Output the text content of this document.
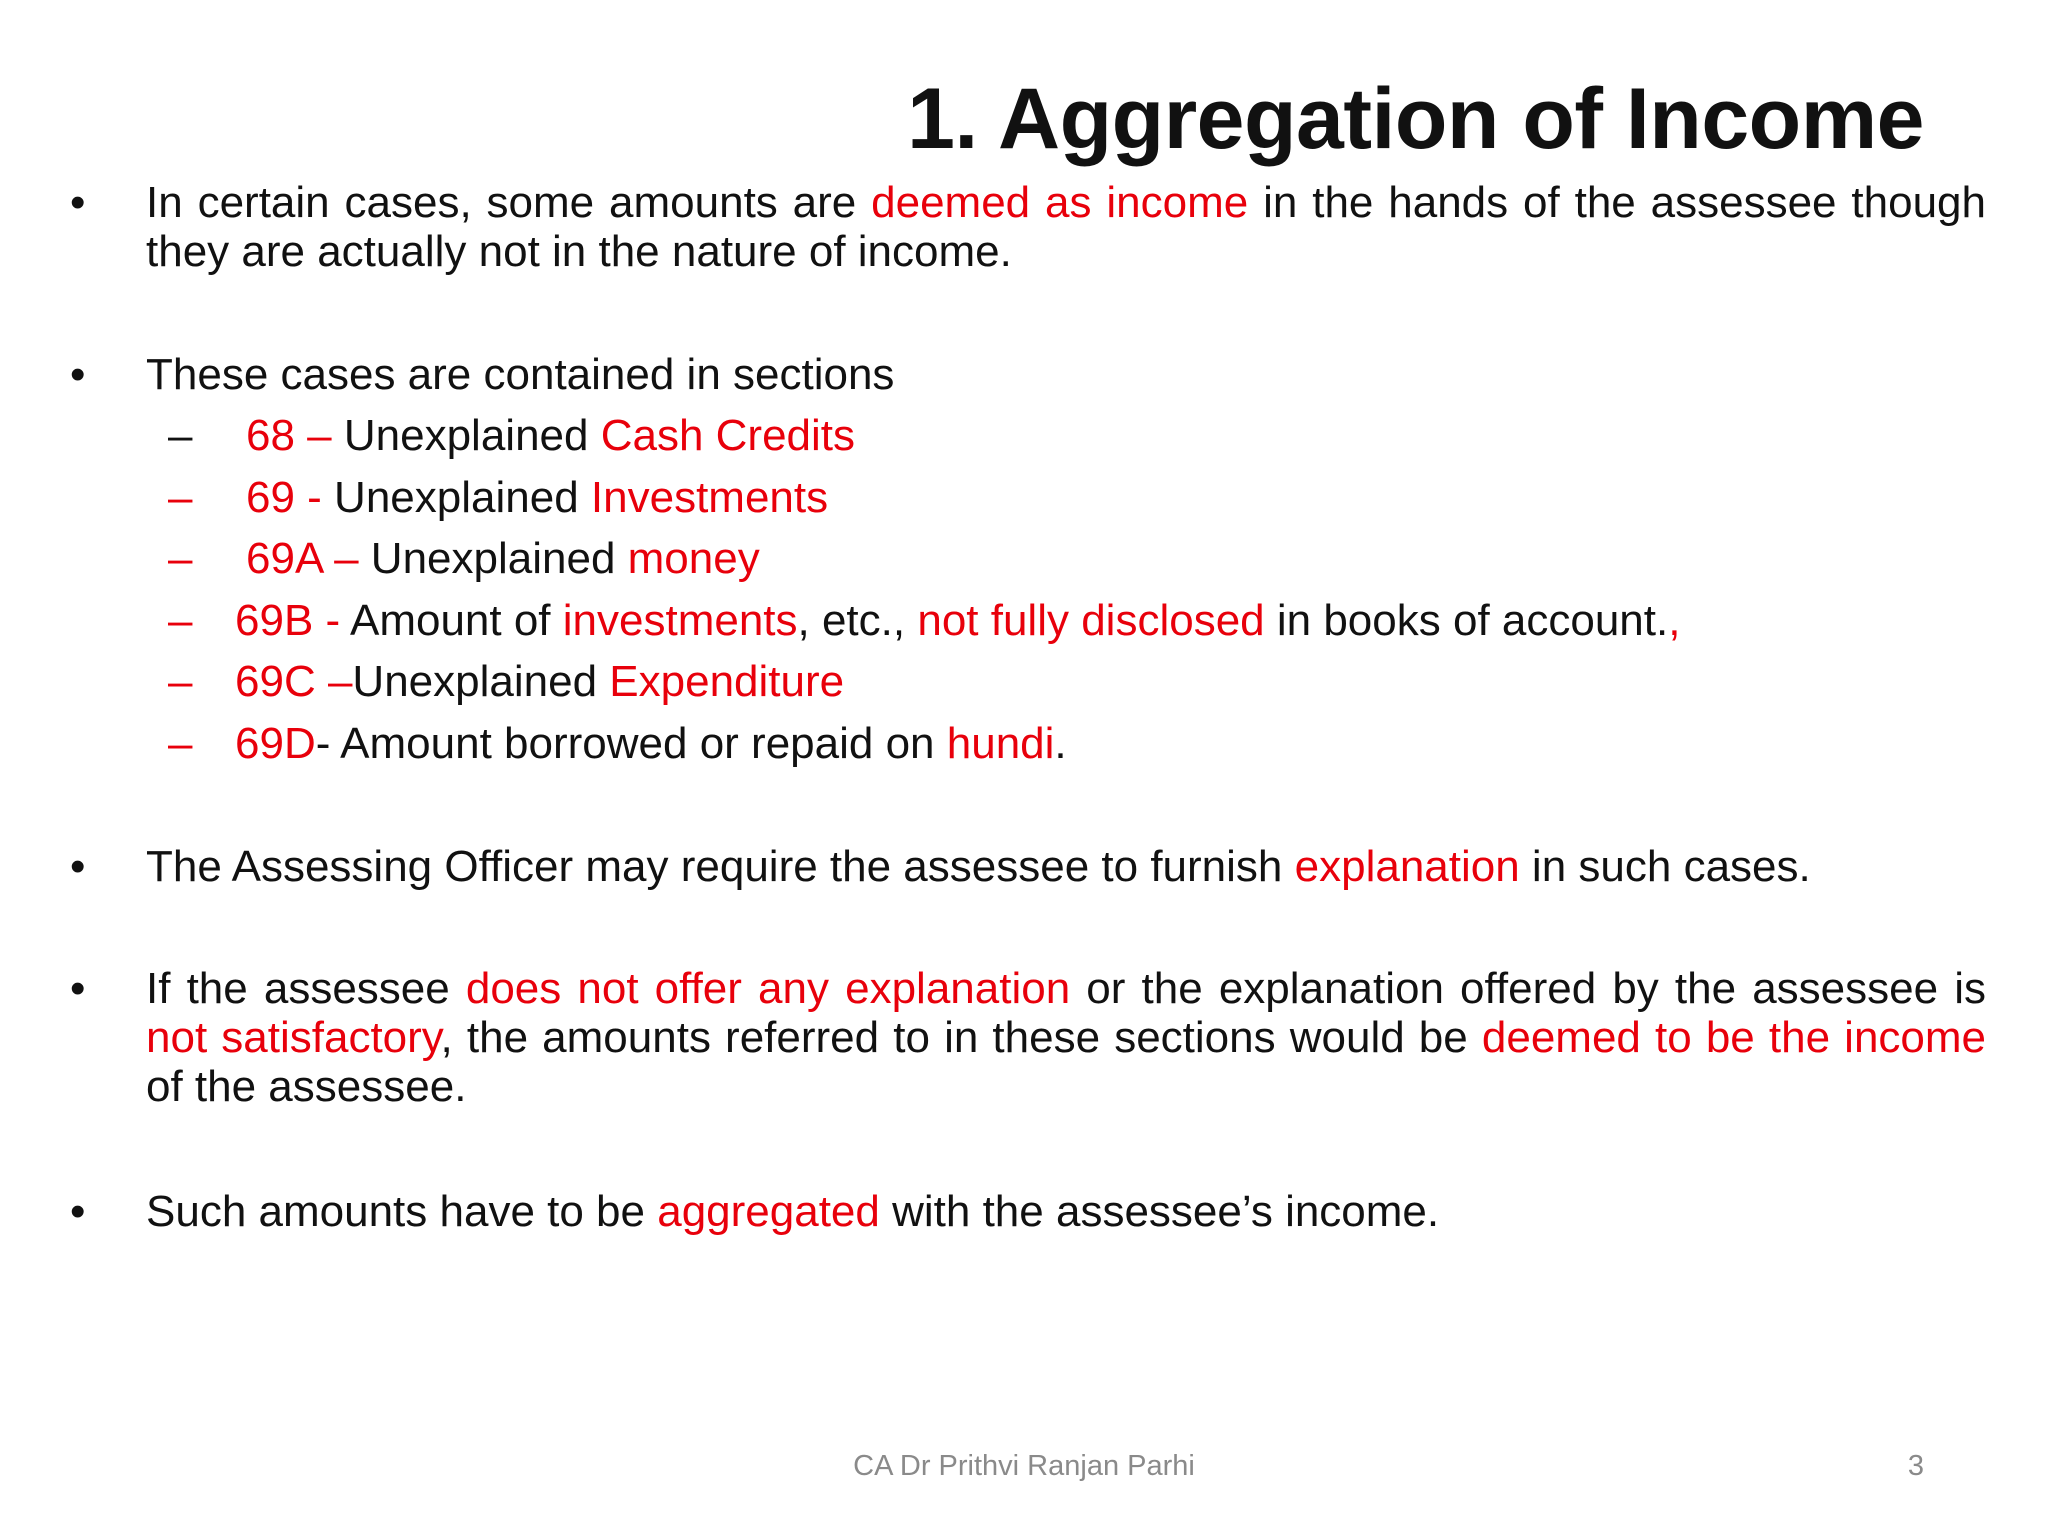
1. Aggregation of Income
• In certain cases, some amounts are deemed as income in the hands of the assessee though they are actually not in the nature of income.
• These cases are contained in sections
– 68 – Unexplained Cash Credits
– 69 - Unexplained Investments
– 69A – Unexplained money
– 69B - Amount of investments, etc., not fully disclosed in books of account.,
– 69C –Unexplained Expenditure
– 69D- Amount borrowed or repaid on hundi.
• The Assessing Officer may require the assessee to furnish explanation in such cases.
• If the assessee does not offer any explanation or the explanation offered by the assessee is not satisfactory, the amounts referred to in these sections would be deemed to be the income of the assessee.
• Such amounts have to be aggregated with the assessee’s income.
CA Dr Prithvi Ranjan Parhi	3
